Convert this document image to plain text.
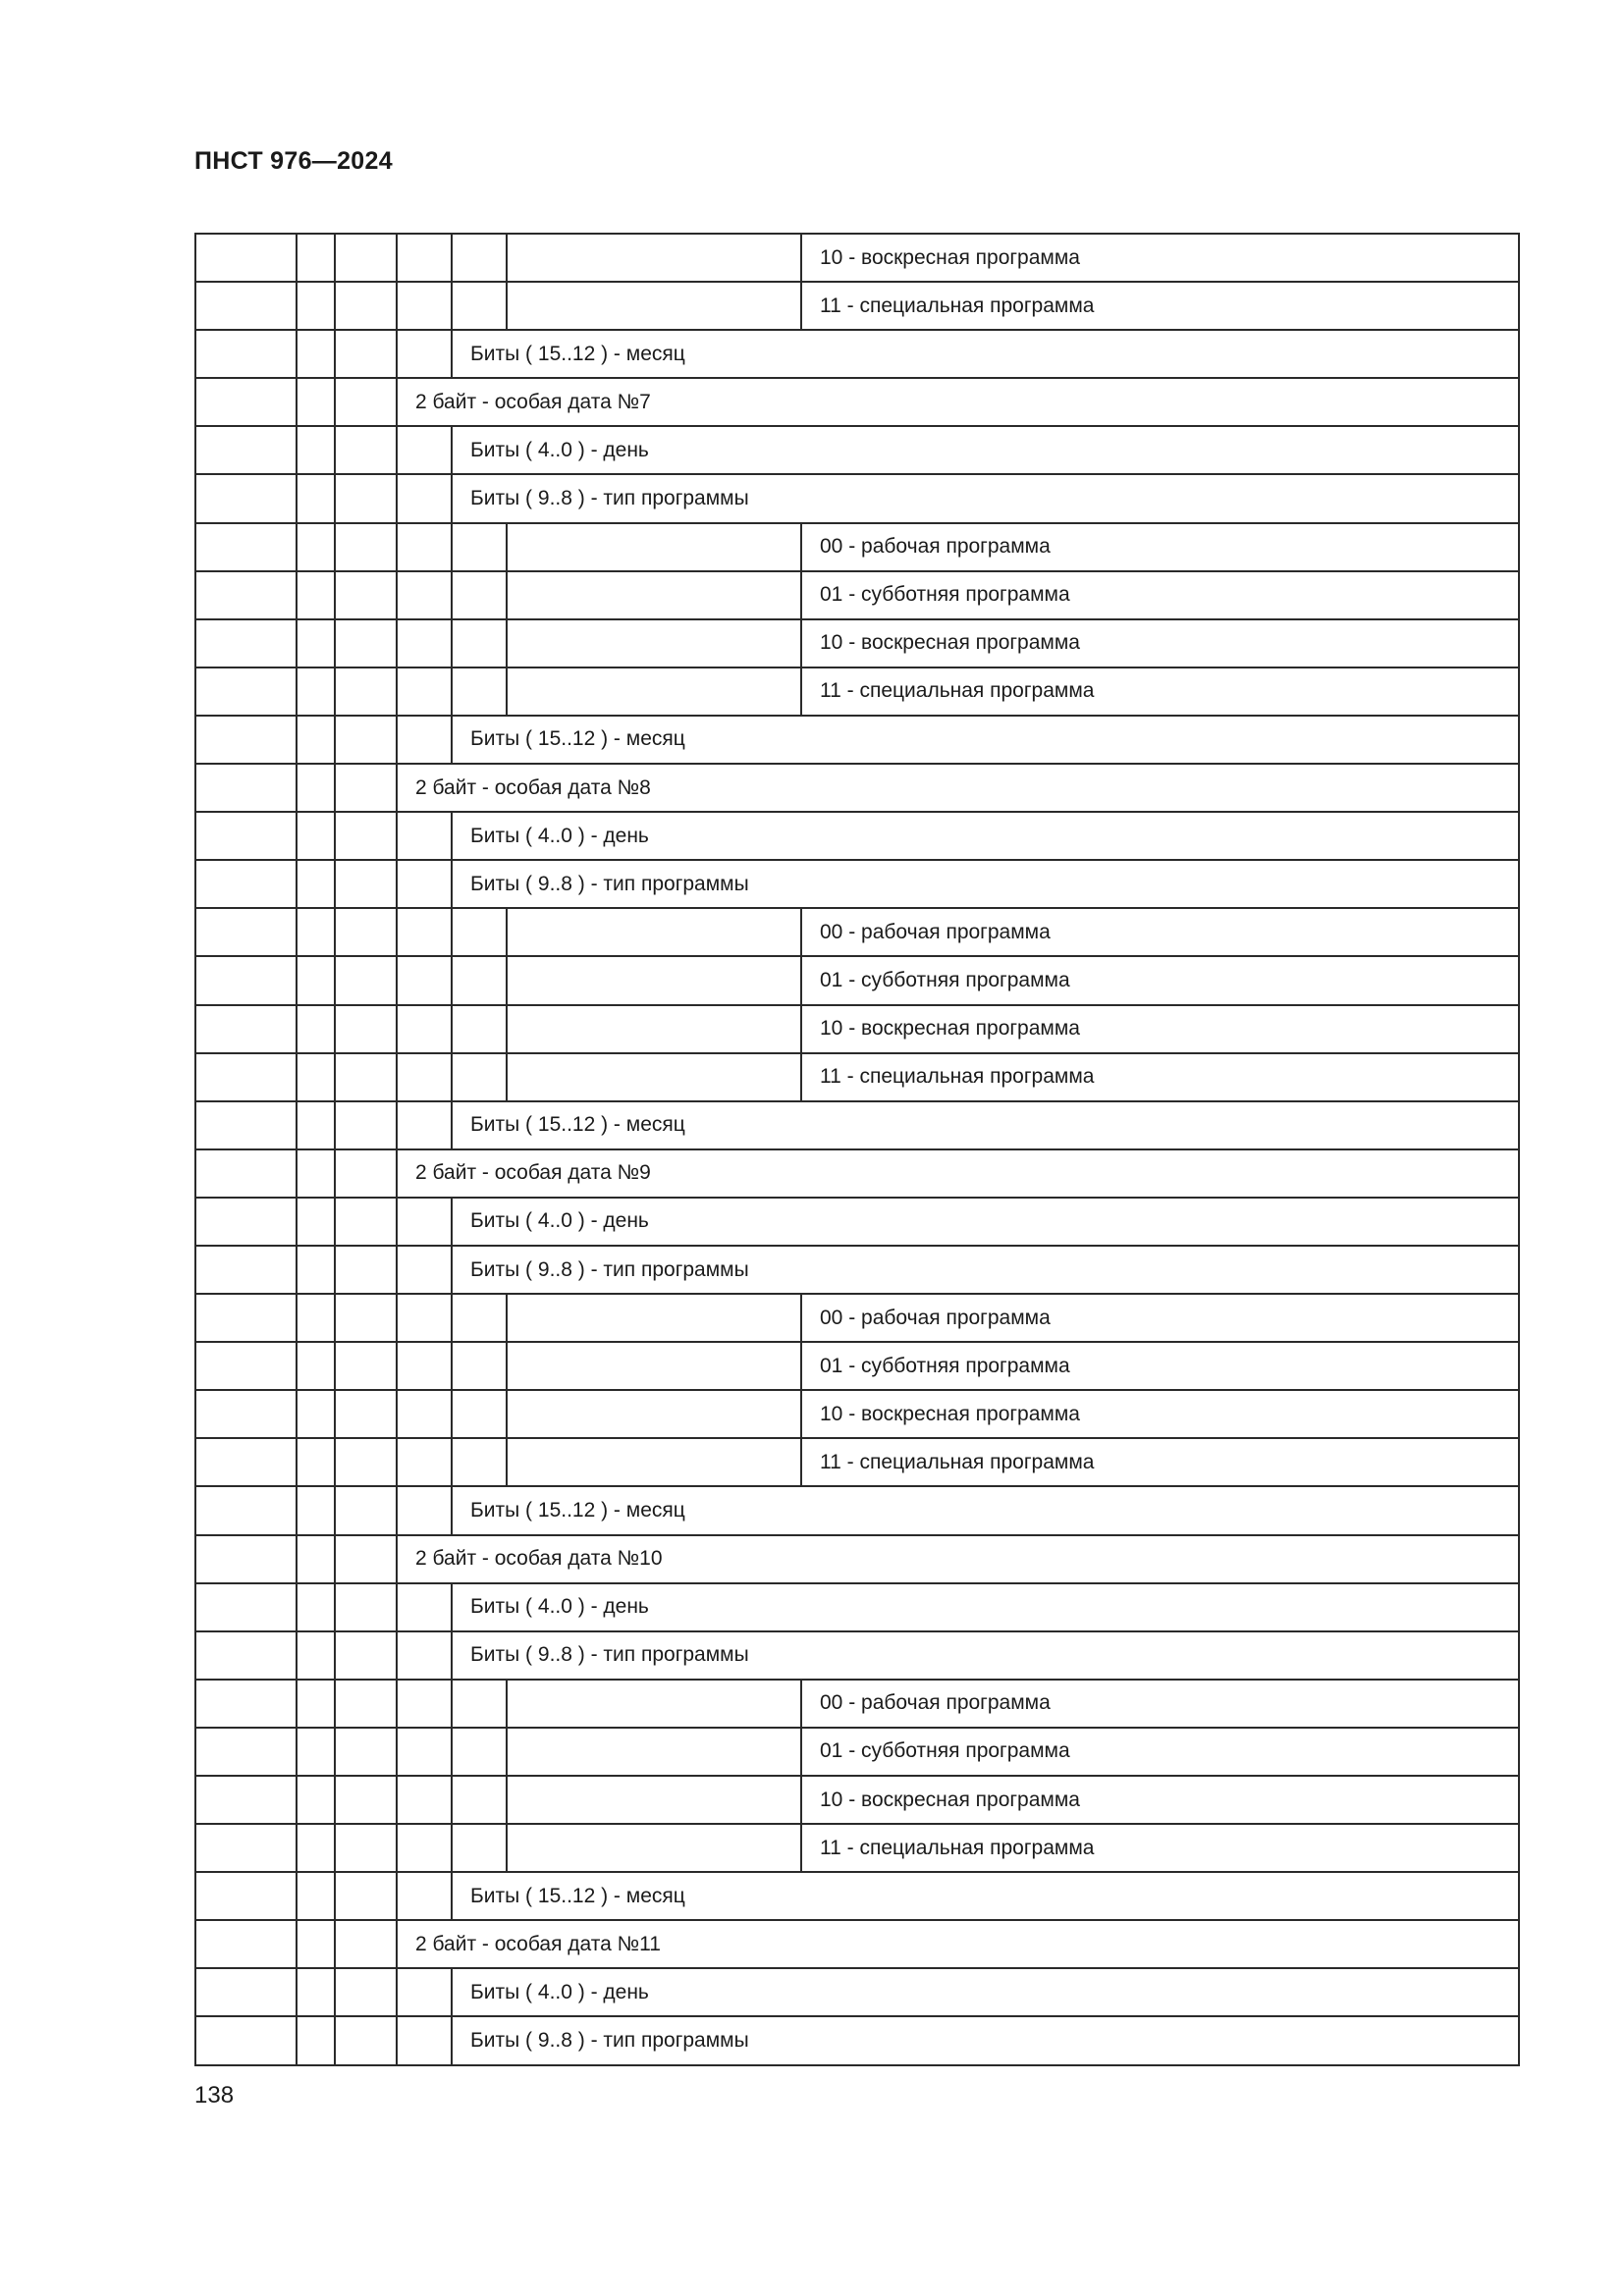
ПНСТ 976—2024
						10 - воскресная программа
						11 - специальная программа
				Биты ( 15..12 ) - месяц		
			2 байт - особая дата №7			
				Биты ( 4..0 ) - день		
				Биты ( 9..8 ) - тип программы		
						00 - рабочая программа
						01 - субботняя программа
						10 - воскресная программа
						11 - специальная программа
				Биты ( 15..12 ) - месяц		
			2 байт - особая дата №8			
				Биты ( 4..0 ) - день		
				Биты ( 9..8 ) - тип программы		
						00 - рабочая программа
						01 - субботняя программа
						10 - воскресная программа
						11 - специальная программа
				Биты ( 15..12 ) - месяц		
			2 байт - особая дата №9			
				Биты ( 4..0 ) - день		
				Биты ( 9..8 ) - тип программы		
						00 - рабочая программа
						01 - субботняя программа
						10 - воскресная программа
						11 - специальная программа
				Биты ( 15..12 ) - месяц		
			2 байт - особая дата №10			
				Биты ( 4..0 ) - день		
				Биты ( 9..8 ) - тип программы		
						00 - рабочая программа
						01 - субботняя программа
						10 - воскресная программа
						11 - специальная программа
				Биты ( 15..12 ) - месяц		
			2 байт - особая дата №11			
				Биты ( 4..0 ) - день		
				Биты ( 9..8 ) - тип программы		
138
